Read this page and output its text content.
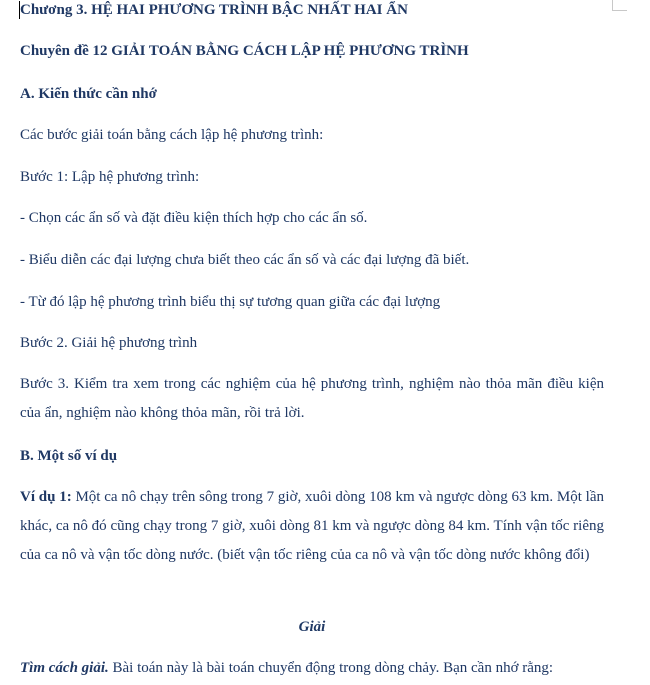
Chương 3. HỆ HAI PHƯƠNG TRÌNH BẬC NHẤT HAI ẨN
Chuyên đề 12 GIẢI TOÁN BẰNG CÁCH LẬP HỆ PHƯƠNG TRÌNH
A. Kiến thức cần nhớ
Các bước giải toán bằng cách lập hệ phương trình:
Bước 1: Lập hệ phương trình:
- Chọn các ẩn số và đặt điều kiện thích hợp cho các ẩn số.
- Biểu diễn các đại lượng chưa biết theo các ẩn số và các đại lượng đã biết.
- Từ đó lập hệ phương trình biểu thị sự tương quan giữa các đại lượng
Bước 2. Giải hệ phương trình
Bước 3. Kiểm tra xem trong các nghiệm của hệ phương trình, nghiệm nào thỏa mãn điều kiện của ẩn, nghiệm nào không thỏa mãn, rồi trả lời.
B. Một số ví dụ
Ví dụ 1: Một ca nô chạy trên sông trong 7 giờ, xuôi dòng 108 km và ngược dòng 63 km. Một lần khác, ca nô đó cũng chạy trong 7 giờ, xuôi dòng 81 km và ngược dòng 84 km. Tính vận tốc riêng của ca nô và vận tốc dòng nước. (biết vận tốc riêng của ca nô và vận tốc dòng nước không đổi)
Giải
Tìm cách giải. Bài toán này là bài toán chuyển động trong dòng chảy. Bạn cần nhớ rằng:
